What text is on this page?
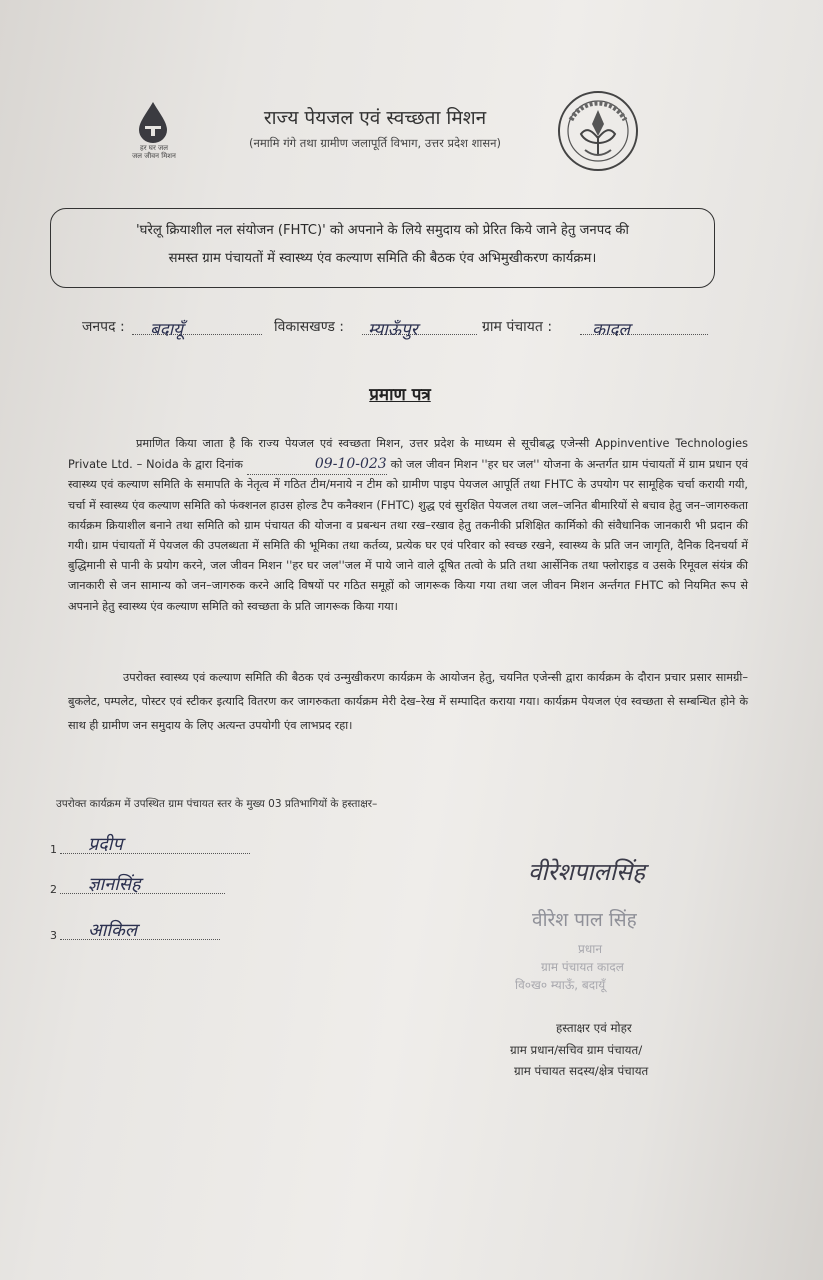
हर घर जल
जल जीवन मिशन
राज्य पेयजल एवं स्वच्छता मिशन
(नमामि गंगे तथा ग्रामीण जलापूर्ति विभाग, उत्तर प्रदेश शासन)
'घरेलू क्रियाशील नल संयोजन (FHTC)' को अपनाने के लिये समुदाय को प्रेरित किये जाने हेतु जनपद की
समस्त ग्राम पंचायतों में स्वास्थ्य एंव कल्याण समिति की बैठक एंव अभिमुखीकरण कार्यक्रम।
जनपद : बदायूँ	विकासखण्ड : म्याऊँपुर	ग्राम पंचायत : कादल
प्रमाण पत्र
प्रमाणित किया जाता है कि राज्य पेयजल एवं स्वच्छता मिशन, उत्तर प्रदेश के माध्यम से सूचीबद्ध एजेन्सी Appinventive Technologies Private Ltd. – Noida के द्वारा दिनांक	09-10-023 को जल जीवन मिशन ''हर घर जल'' योजना के अन्तर्गत ग्राम पंचायतों में ग्राम प्रधान एवं स्वास्थ्य एवं कल्याण समिति के समापति के नेतृत्व में गठित टीम/मनाये न टीम को ग्रामीण पाइप पेयजल आपूर्ति तथा FHTC के उपयोग पर सामूहिक चर्चा करायी गयी, चर्चा में स्वास्थ्य एंव कल्याण समिति को फंक्शनल हाउस होल्ड टैप कनैक्शन (FHTC) शुद्ध एवं सुरक्षित पेयजल तथा जल–जनित बीमारियों से बचाव हेतु जन–जागरुकता कार्यक्रम क्रियाशील बनाने तथा समिति को ग्राम पंचायत की योजना व प्रबन्धन तथा रख–रखाव हेतु तकनीकी प्रशिक्षित कार्मिको की संवैधानिक जानकारी भी प्रदान की गयी। ग्राम पंचायतों में पेयजल की उपलब्धता में समिति की भूमिका तथा कर्तव्य, प्रत्येक घर एवं परिवार को स्वच्छ रखने, स्वास्थ्य के प्रति जन जागृति, दैनिक दिनचर्या में बुद्धिमानी से पानी के प्रयोग करने, जल जीवन मिशन ''हर घर जल''जल में पाये जाने वाले दूषित तत्वो के प्रति तथा आर्सेनिक तथा फ्लोराइड व उसके रिमूवल संयंत्र की जानकारी से जन सामान्य को जन–जागरुक करने आदि विषयों पर गठित समूहों को जागरूक किया गया तथा जल जीवन मिशन अर्न्तगत FHTC को नियमित रूप से अपनाने हेतु स्वास्थ्य एंव कल्याण समिति को स्वच्छता के प्रति जागरूक किया गया।
उपरोक्त स्वास्थ्य एवं कल्याण समिति की बैठक एवं उन्मुखीकरण कार्यक्रम के आयोजन हेतु, चयनित एजेन्सी द्वारा कार्यक्रम के दौरान प्रचार प्रसार सामग्री–बुकलेट, पम्पलेट, पोस्टर एवं स्टीकर इत्यादि वितरण कर जागरुकता कार्यक्रम मेरी देख–रेख में सम्पादित कराया गया। कार्यक्रम पेयजल एंव स्वच्छता से सम्बन्धित होने के साथ ही ग्रामीण जन समुदाय के लिए अत्यन्त उपयोगी एंव लाभप्रद रहा।
उपरोक्त कार्यक्रम में उपस्थित ग्राम पंचायत स्तर के मुख्य 03 प्रतिभागियों के हस्ताक्षर–
1 प्रदीप
2 ज्ञानसिंह
3 आकिल
वीरेशपालसिंह
वीरेश पाल सिंह
प्रधान
ग्राम पंचायत कादल
वि०ख० म्याऊँ, बदायूँ
हस्ताक्षर एवं मोहर
ग्राम प्रधान/सचिव ग्राम पंचायत/
ग्राम पंचायत सदस्य/क्षेत्र पंचायत
